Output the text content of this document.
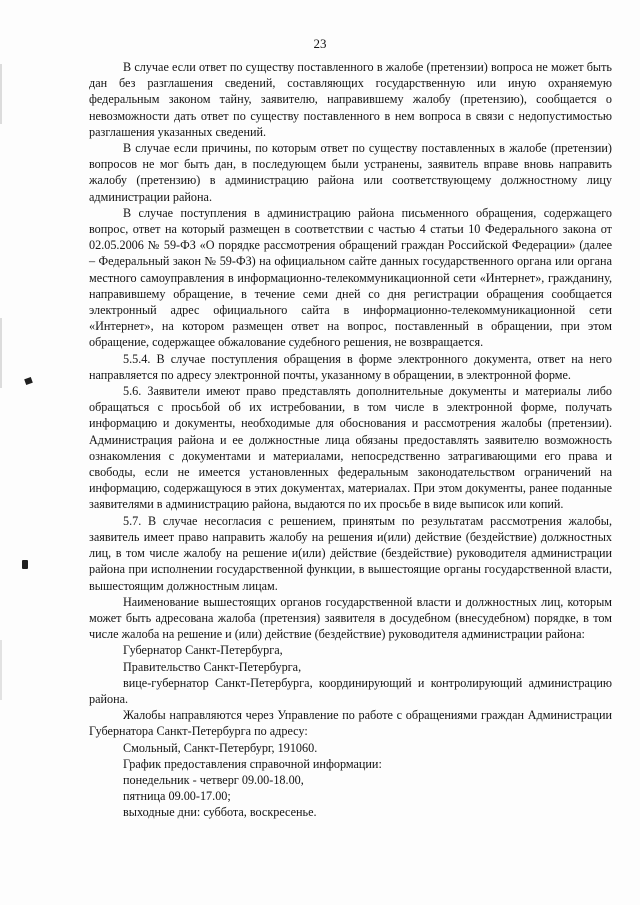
23

В случае если ответ по существу поставленного в жалобе (претензии) вопроса не может быть дан без разглашения сведений, составляющих государственную или иную охраняемую федеральным законом тайну, заявителю, направившему жалобу (претензию), сообщается о невозможности дать ответ по существу поставленного в нем вопроса в связи с недопустимостью разглашения указанных сведений.

В случае если причины, по которым ответ по существу поставленных в жалобе (претензии) вопросов не мог быть дан, в последующем были устранены, заявитель вправе вновь направить жалобу (претензию) в администрацию района или соответствующему должностному лицу администрации района.

В случае поступления в администрацию района письменного обращения, содержащего вопрос, ответ на который размещен в соответствии с частью 4 статьи 10 Федерального закона от 02.05.2006 № 59-ФЗ «О порядке рассмотрения обращений граждан Российской Федерации» (далее – Федеральный закон № 59-ФЗ) на официальном сайте данных государственного органа или органа местного самоуправления в информационно-телекоммуникационной сети «Интернет», гражданину, направившему обращение, в течение семи дней со дня регистрации обращения сообщается электронный адрес официального сайта в информационно-телекоммуникационной сети «Интернет», на котором размещен ответ на вопрос, поставленный в обращении, при этом обращение, содержащее обжалование судебного решения, не возвращается.

5.5.4. В случае поступления обращения в форме электронного документа, ответ на него направляется по адресу электронной почты, указанному в обращении, в электронной форме.

5.6. Заявители имеют право представлять дополнительные документы и материалы либо обращаться с просьбой об их истребовании, в том числе в электронной форме, получать информацию и документы, необходимые для обоснования и рассмотрения жалобы (претензии). Администрация района и ее должностные лица обязаны предоставлять заявителю возможность ознакомления с документами и материалами, непосредственно затрагивающими его права и свободы, если не имеется установленных федеральным законодательством ограничений на информацию, содержащуюся в этих документах, материалах. При этом документы, ранее поданные заявителями в администрацию района, выдаются по их просьбе в виде выписок или копий.

5.7. В случае несогласия с решением, принятым по результатам рассмотрения жалобы, заявитель имеет право направить жалобу на решения и(или) действие (бездействие) должностных лиц, в том числе жалобу на решение и(или) действие (бездействие) руководителя администрации района при исполнении государственной функции, в вышестоящие органы государственной власти, вышестоящим должностным лицам.

Наименование вышестоящих органов государственной власти и должностных лиц, которым может быть адресована жалоба (претензия) заявителя в досудебном (внесудебном) порядке, в том числе жалоба на решение и (или) действие (бездействие) руководителя администрации района:

Губернатор Санкт-Петербурга,

Правительство Санкт-Петербурга,

вице-губернатор Санкт-Петербурга, координирующий и контролирующий администрацию района.

Жалобы направляются через Управление по работе с обращениями граждан Администрации Губернатора Санкт-Петербурга по адресу:

Смольный, Санкт-Петербург, 191060.

График предоставления справочной информации:

понедельник - четверг 09.00-18.00,

пятница 09.00-17.00;

выходные дни: суббота, воскресенье.
